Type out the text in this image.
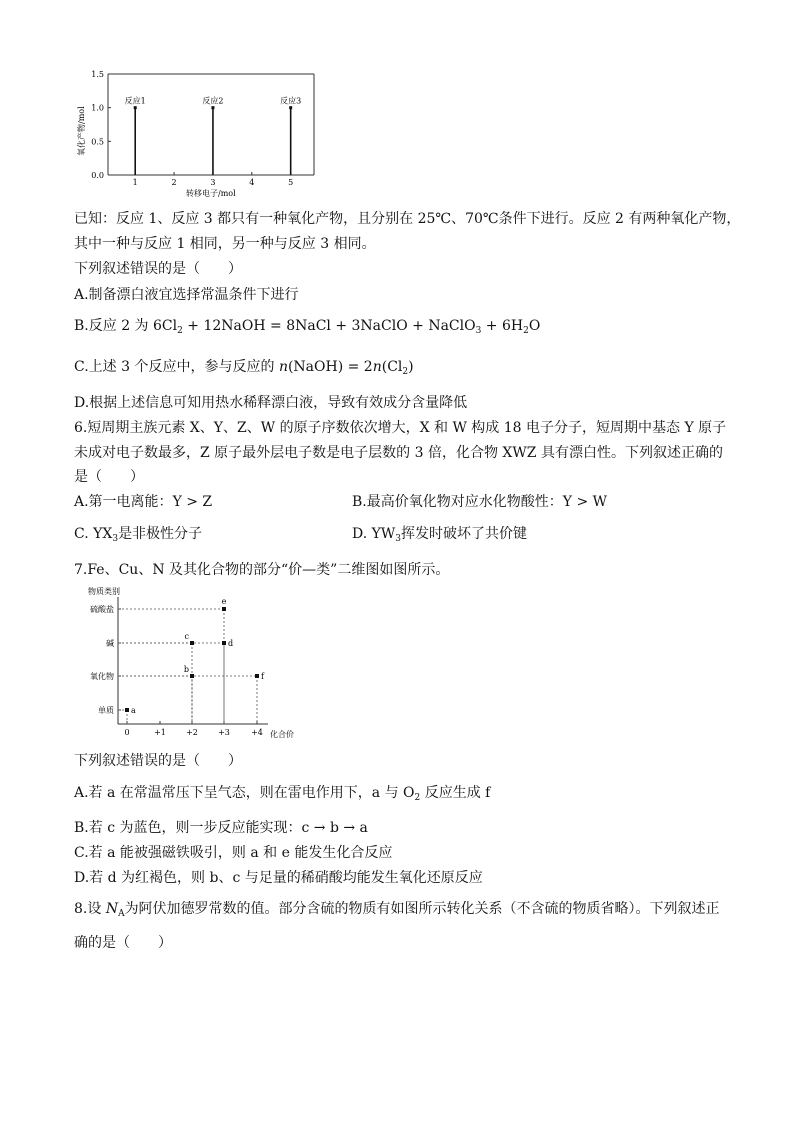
氧化产物/mol
转移电子/mol
0.0
0.5
1.0
1.5
1	2	3	4	5
反应1	反应2	反应3
已知：反应 1、反应 3 都只有一种氧化产物，且分别在 25℃、70℃条件下进行。反应 2 有两种氧化产物，
其中一种与反应 1 相同，另一种与反应 3 相同。
下列叙述错误的是（　　）
A.制备漂白液宜选择常温条件下进行
B.反应 2 为 $6Cl_2$ + 12NaOH = 8NaCl + 3NaClO + NaClO$_3$ + $6H_2O$
C.上述 3 个反应中，参与反应的 n(NaOH) = $2n(Cl_2)$
D.根据上述信息可知用热水稀释漂白液，导致有效成分含量降低
6.短周期主族元素 X、Y、Z、W 的原子序数依次增大，X 和 W 构成 18 电子分子，短周期中基态 Y 原子
未成对电子数最多，Z 原子最外层电子数是电子层数的 3 倍，化合物 XWZ 具有漂白性。下列叙述正确的
是（　　）
A.第一电离能：Y > Z	B.最高价氧化物对应水化物酸性：Y > W
C. $YX_3$是非极性分子	D. $YW_3$挥发时破坏了共价键
7.Fe、Cu、N 及其化合物的部分“价—类”二维图如图所示。
物质类别
化合价
硫酸盐
碱
氧化物
单质
0	+1	+2	+3	+4
a
b
c
d
e
f
下列叙述错误的是（　　）
A.若 a 在常温常压下呈气态，则在雷电作用下，a 与 $O_2$ 反应生成 f
B.若 c 为蓝色，则一步反应能实现：c → b → a
C.若 a 能被强磁铁吸引，则 a 和 e 能发生化合反应
D.若 d 为红褐色，则 b、c 与足量的稀硝酸均能发生氧化还原反应
8.设 $N_A$为阿伏加德罗常数的值。部分含硫的物质有如图所示转化关系（不含硫的物质省略）。下列叙述正
确的是（　　）
